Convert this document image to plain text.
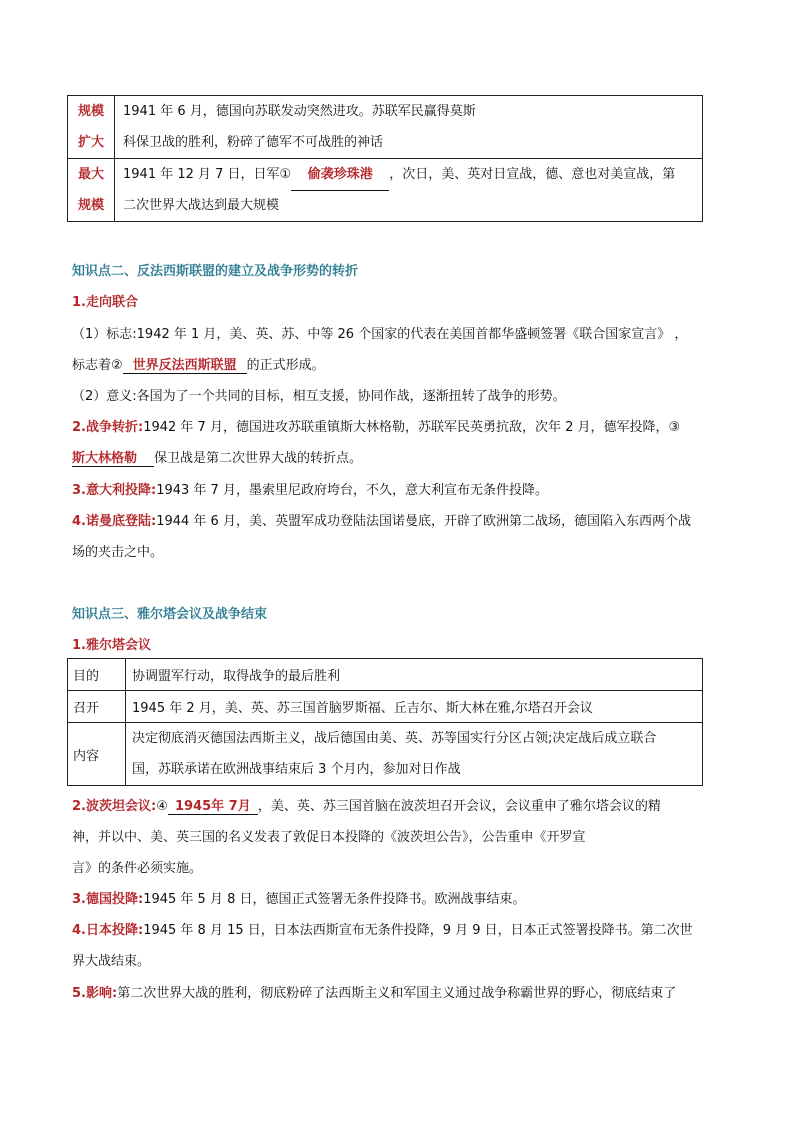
规模
扩大	1941 年 6 月，德国向苏联发动突然进攻。苏联军民赢得莫斯
科保卫战的胜利，粉碎了德军不可战胜的神话

最大
规模	1941 年 12 月 7 日，日军① 偷袭珍珠港 ，次日，美、英对日宣战，德、意也对美宣战，第
二次世界大战达到最大规模
知识点二、反法西斯联盟的建立及战争形势的转折
1.走向联合
（1）标志:1942 年 1 月，美、英、苏、中等 26 个国家的代表在美国首都华盛顿签署《联合国家宣言》 ，
标志着② 世界反法西斯联盟 的正式形成。
（2）意义:各国为了一个共同的目标，相互支援，协同作战，逐渐扭转了战争的形势。
2.战争转折:1942 年 7 月，德国进攻苏联重镇斯大林格勒，苏联军民英勇抗敌，次年 2 月，德军投降，③
斯大林格勒 保卫战是第二次世界大战的转折点。
3.意大利投降:1943 年 7 月，墨索里尼政府垮台，不久，意大利宣布无条件投降。
4.诺曼底登陆:1944 年 6 月，美、英盟军成功登陆法国诺曼底，开辟了欧洲第二战场，德国陷入东西两个战
场的夹击之中。
知识点三、雅尔塔会议及战争结束
1.雅尔塔会议
目的	协调盟军行动，取得战争的最后胜利
召开	1945 年 2 月，美、英、苏三国首脑罗斯福、丘吉尔、斯大林在雅,尔塔召开会议
内容	决定彻底消灭德国法西斯主义，战后德国由美、英、苏等国实行分区占领;决定战后成立联合
国，苏联承诺在欧洲战事结束后 3 个月内，参加对日作战
2.波茨坦会议:④ 1945年 7月 ，美、英、苏三国首脑在波茨坦召开会议，会议重申了雅尔塔会议的精
神，并以中、美、英三国的名义发表了敦促日本投降的《波茨坦公告》，公告重申《开罗宣
言》的条件必须实施。
3.德国投降:1945 年 5 月 8 日，德国正式签署无条件投降书。欧洲战事结束。
4.日本投降:1945 年 8 月 15 日，日本法西斯宣布无条件投降，9 月 9 日，日本正式签署投降书。第二次世
界大战结束。
5.影响:第二次世界大战的胜利，彻底粉碎了法西斯主义和军国主义通过战争称霸世界的野心，彻底结束了
